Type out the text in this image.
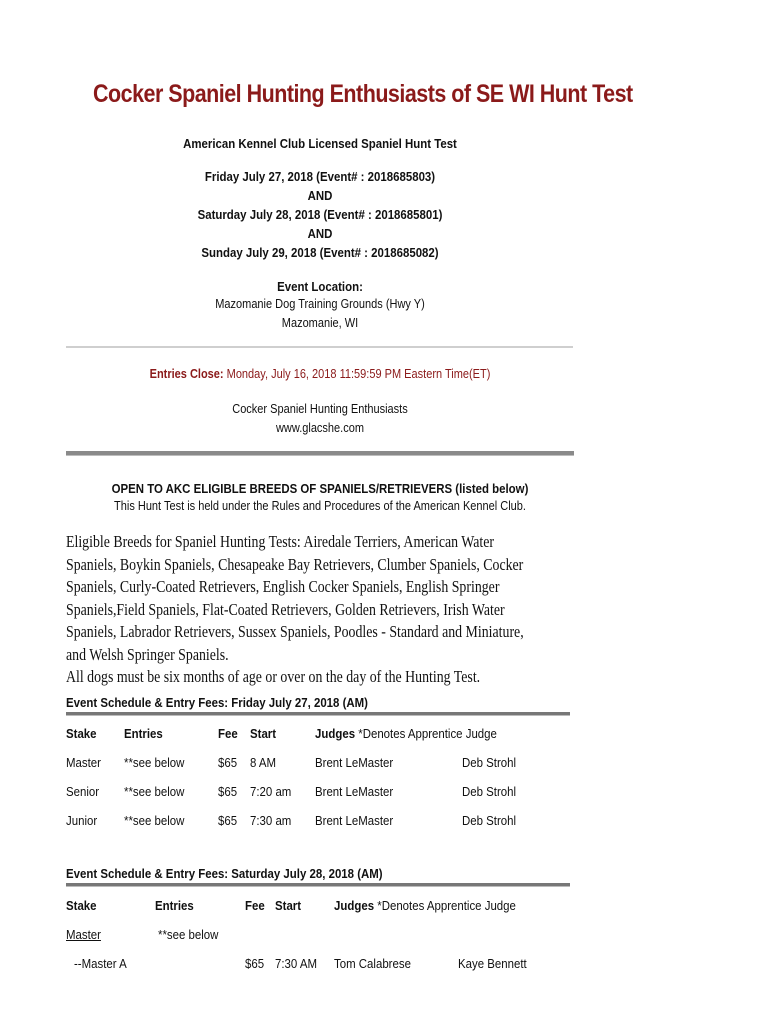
Cocker Spaniel Hunting Enthusiasts of SE WI Hunt Test
American Kennel Club Licensed Spaniel Hunt Test
Friday July 27, 2018 (Event# : 2018685803)
AND
Saturday July 28, 2018 (Event# : 2018685801)
AND
Sunday July 29, 2018 (Event# : 2018685082)
Event Location:
Mazomanie Dog Training Grounds (Hwy Y)
Mazomanie, WI
Entries Close: Monday, July 16, 2018 11:59:59 PM Eastern Time(ET)
Cocker Spaniel Hunting Enthusiasts
www.glacshe.com
OPEN TO AKC ELIGIBLE BREEDS OF SPANIELS/RETRIEVERS (listed below)
This Hunt Test is held under the Rules and Procedures of the American Kennel Club.

Eligible Breeds for Spaniel Hunting Tests: Airedale Terriers, American Water Spaniels, Boykin Spaniels, Chesapeake Bay Retrievers, Clumber Spaniels, Cocker Spaniels, Curly-Coated Retrievers, English Cocker Spaniels, English Springer Spaniels,Field Spaniels, Flat-Coated Retrievers, Golden Retrievers, Irish Water Spaniels, Labrador Retrievers, Sussex Spaniels, Poodles - Standard and Miniature, and Welsh Springer Spaniels.

All dogs must be six months of age or over on the day of the Hunting Test.

Event Schedule & Entry Fees: Friday July 27, 2018 (AM)
Stake Entries	Fee Start	Judges *Denotes Apprentice Judge
Master **see below	$65 8 AM	Brent LeMaster	Deb Strohl
Senior **see below	$65 7:20 am Brent LeMaster	Deb Strohl
Junior **see below	$65 7:30 am Brent LeMaster	Deb Strohl
Event Schedule & Entry Fees: Saturday July 28, 2018 (AM)
Stake	Entries	Fee Start	Judges *Denotes Apprentice Judge
Master	**see below
--Master A	$65 7:30 AM Tom Calabrese	Kaye Bennett
